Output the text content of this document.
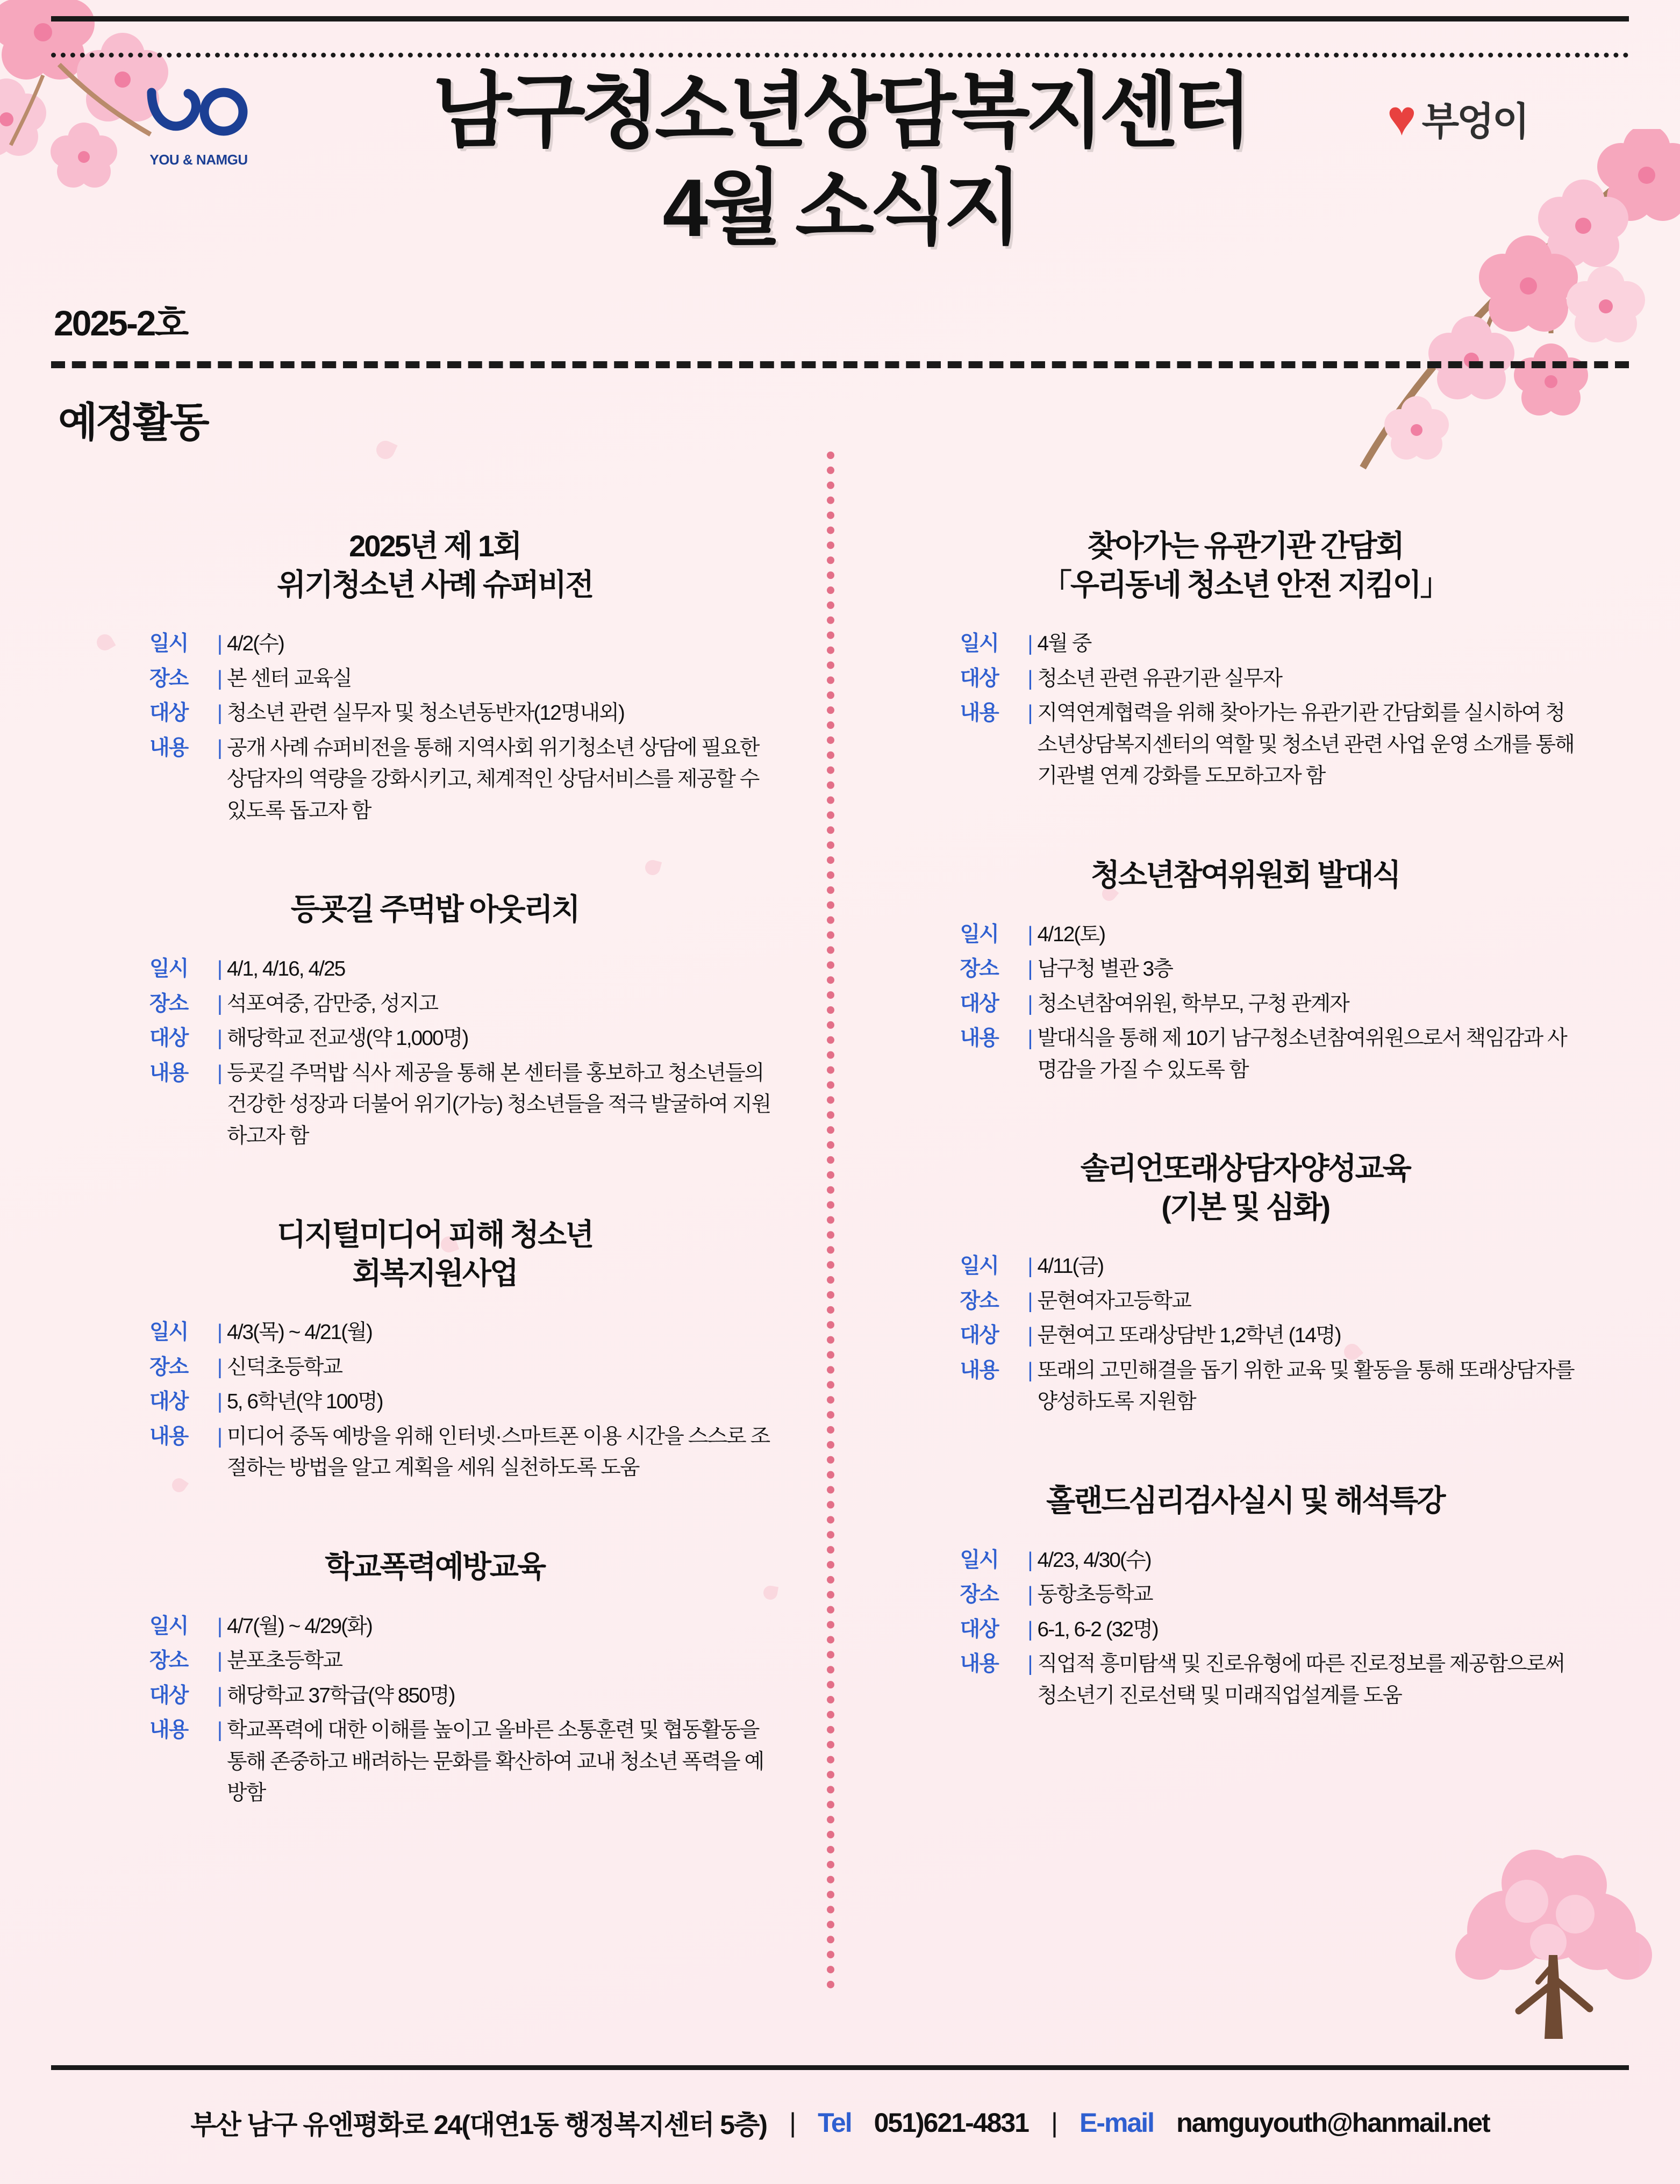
YOU & NAMGU
♥ 부엉이
남구청소년상담복지센터
4월 소식지
2025-2호
예정활동
2025년 제 1회
위기청소년 사례 슈퍼비전
일시	| 4/2(수)
장소	| 본 센터 교육실
대상	| 청소년 관련 실무자 및 청소년동반자(12명내외)
내용	| 공개 사례 슈퍼비전을 통해 지역사회 위기청소년 상담에 필요한 상담자의 역량을 강화시키고, 체계적인 상담서비스를 제공할 수 있도록 돕고자 함
등굣길 주먹밥 아웃리치
일시	| 4/1, 4/16, 4/25
장소	| 석포여중, 감만중, 성지고
대상	| 해당학교 전교생(약 1,000명)
내용	| 등굣길 주먹밥 식사 제공을 통해 본 센터를 홍보하고 청소년들의 건강한 성장과 더불어 위기(가능) 청소년들을 적극 발굴하여 지원하고자 함
디지털미디어 피해 청소년
회복지원사업
일시	| 4/3(목) ~ 4/21(월)
장소	| 신덕초등학교
대상	| 5, 6학년(약 100명)
내용	| 미디어 중독 예방을 위해 인터넷·스마트폰 이용 시간을 스스로 조절하는 방법을 알고 계획을 세워 실천하도록 도움
학교폭력예방교육
일시	| 4/7(월) ~ 4/29(화)
장소	| 분포초등학교
대상	| 해당학교 37학급(약 850명)
내용	| 학교폭력에 대한 이해를 높이고 올바른 소통훈련 및 협동활동을 통해 존중하고 배려하는 문화를 확산하여 교내 청소년 폭력을 예방함
찾아가는 유관기관 간담회
「우리동네 청소년 안전 지킴이」
일시	| 4월 중
대상	| 청소년 관련 유관기관 실무자
내용	| 지역연계협력을 위해 찾아가는 유관기관 간담회를 실시하여 청소년상담복지센터의 역할 및 청소년 관련 사업 운영 소개를 통해 기관별 연계 강화를 도모하고자 함
청소년참여위원회 발대식
일시	| 4/12(토)
장소	| 남구청 별관 3층
대상	| 청소년참여위원, 학부모, 구청 관계자
내용	| 발대식을 통해 제 10기 남구청소년참여위원으로서 책임감과 사명감을 가질 수 있도록 함
솔리언또래상담자양성교육
(기본 및 심화)
일시	| 4/11(금)
장소	| 문현여자고등학교
대상	| 문현여고 또래상담반 1,2학년 (14명)
내용	| 또래의 고민해결을 돕기 위한 교육 및 활동을 통해 또래상담자를 양성하도록 지원함
홀랜드심리검사실시 및 해석특강
일시	| 4/23, 4/30(수)
장소	| 동항초등학교
대상	| 6-1, 6-2 (32명)
내용	| 직업적 흥미탐색 및 진로유형에 따른 진로정보를 제공함으로써 청소년기 진로선택 및 미래직업설계를 도움
부산 남구 유엔평화로 24(대연1동 행정복지센터 5층) | Tel 051)621-4831 | E-mail namguyouth@hanmail.net
